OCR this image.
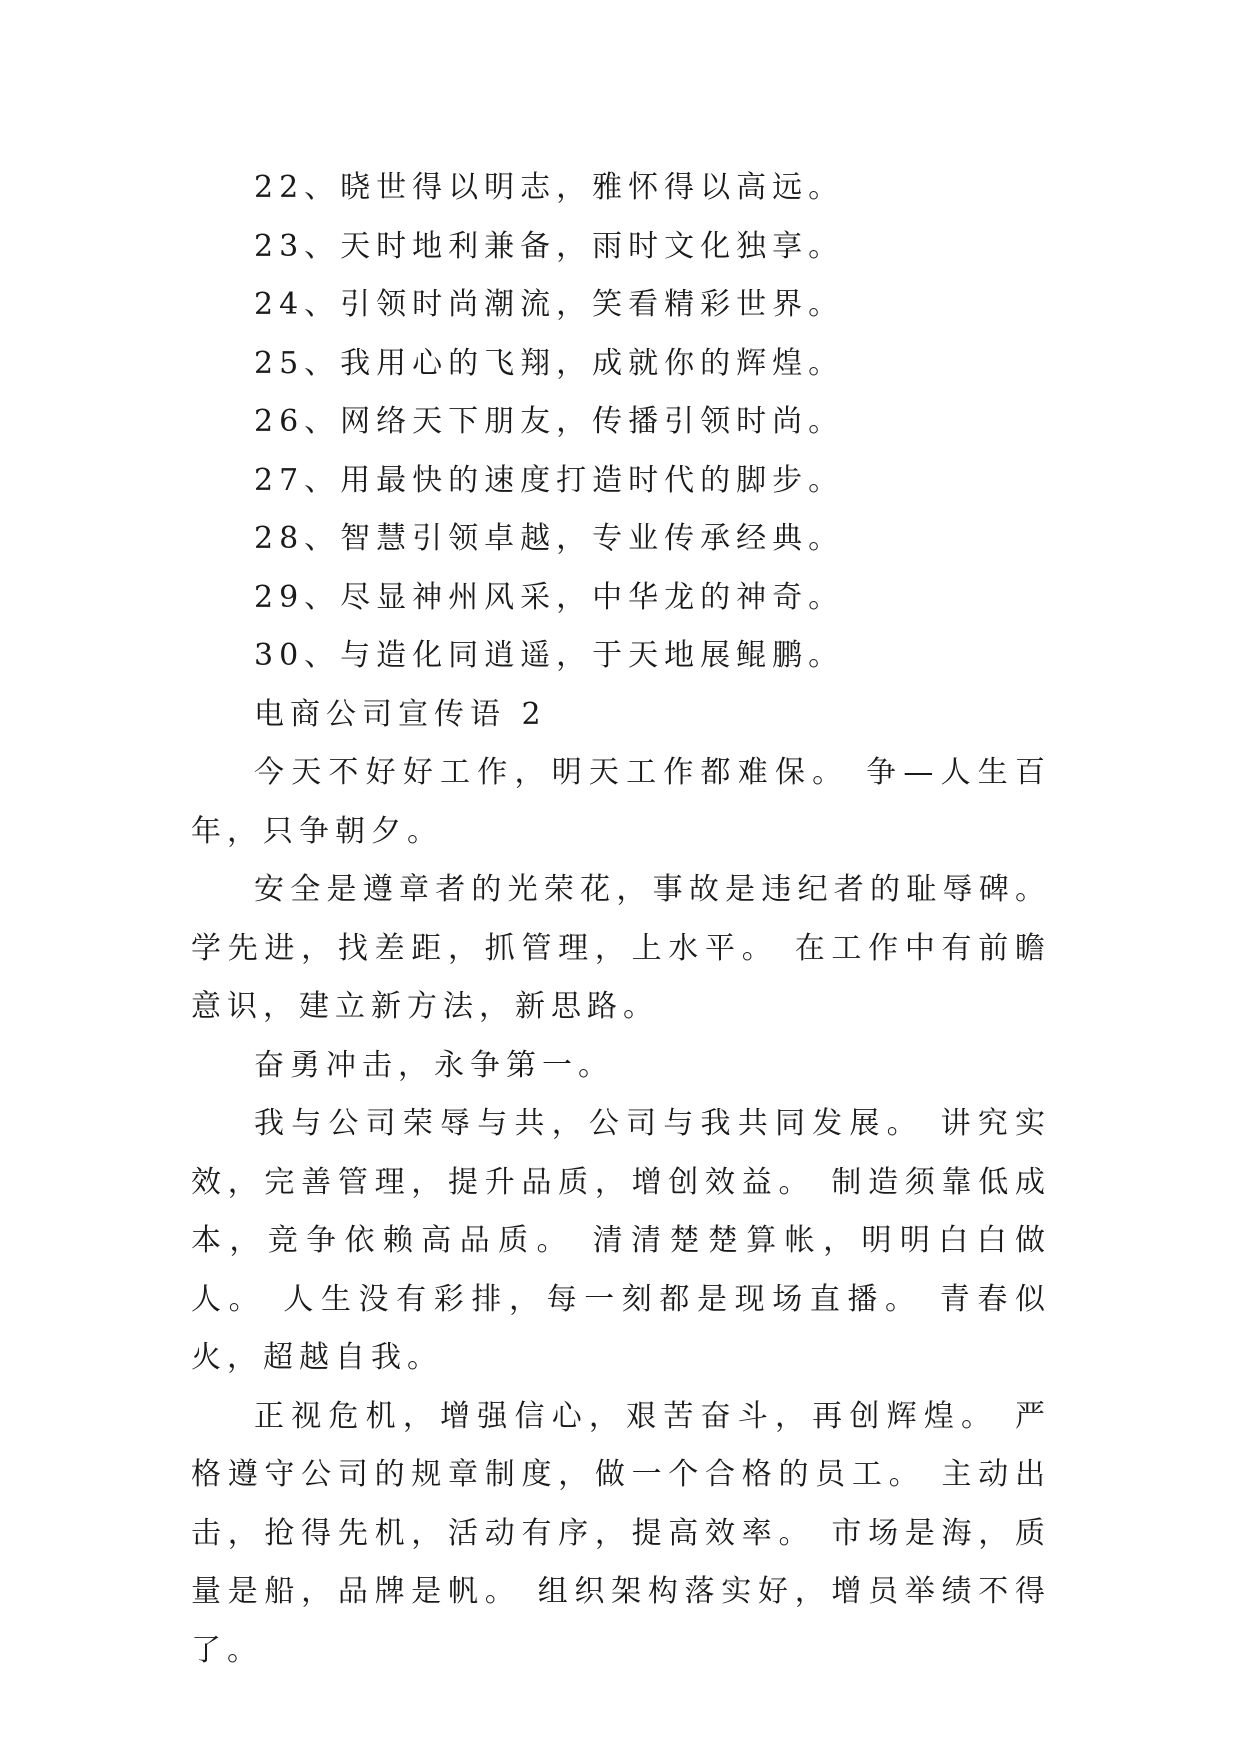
22、晓世得以明志，雅怀得以高远。
23、天时地利兼备，雨时文化独享。
24、引领时尚潮流，笑看精彩世界。
25、我用心的飞翔，成就你的辉煌。
26、网络天下朋友，传播引领时尚。
27、用最快的速度打造时代的脚步。
28、智慧引领卓越，专业传承经典。
29、尽显神州风采，中华龙的神奇。
30、与造化同逍遥，于天地展鲲鹏。
电商公司宣传语 2

今天不好好工作，明天工作都难保。 争—人生百年，只争朝夕。

安全是遵章者的光荣花，事故是违纪者的耻辱碑。 学先进，找差距，抓管理，上水平。 在工作中有前瞻意识，建立新方法，新思路。

奋勇冲击，永争第一。

我与公司荣辱与共，公司与我共同发展。 讲究实效，完善管理，提升品质，增创效益。 制造须靠低成本，竞争依赖高品质。 清清楚楚算帐，明明白白做人。 人生没有彩排，每一刻都是现场直播。 青春似火，超越自我。

正视危机，增强信心，艰苦奋斗，再创辉煌。 严格遵守公司的规章制度，做一个合格的员工。 主动出击，抢得先机，活动有序，提高效率。 市场是海，质量是船，品牌是帆。 组织架构落实好，增员举绩不得了。
